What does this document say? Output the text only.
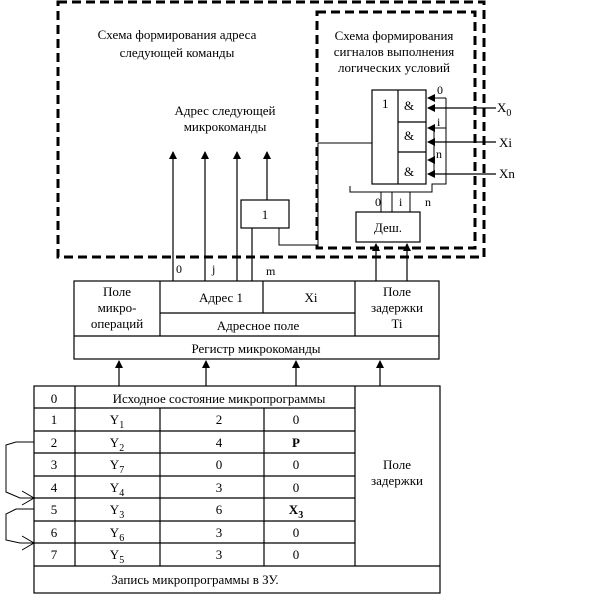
Схема формирования адреса
следующей команды
Схема формирования
сигналов выполнения
логических условий
Адрес следующей
микрокоманды
1 &
&
&
0
i
n
$X_0$
Xi
Xn
Деш.
0 i n
1
0	j	m
Поле
микро-
операций
Адрес 1	Xi
Адресное поле
Поле
задержки
Ti
Регистр микрокоманды
0	Исходное состояние микропрограммы
1	$Y_1$	2	0
2	$Y_2$	4	P
3	$Y_7$	0	0
4	$Y_4$	3	0
5	$Y_3$	6	$X_3$
6	$Y_6$	3	0
7	$Y_5$	3	0
Поле
задержки
Запись микропрограммы в ЗУ.
